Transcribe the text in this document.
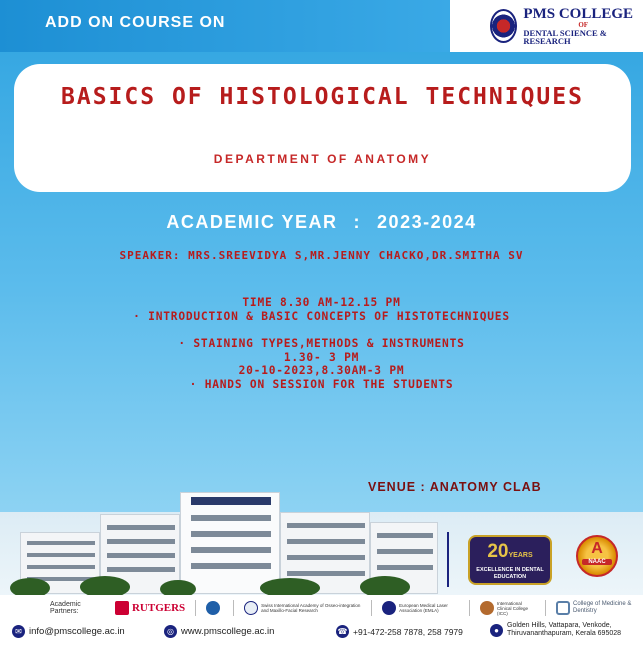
ADD ON COURSE ON
PMS COLLEGE
OF
DENTAL SCIENCE & RESEARCH
BASICS OF HISTOLOGICAL TECHNIQUES
DEPARTMENT OF ANATOMY
ACADEMIC YEAR : 2023-2024
SPEAKER: MRS.SREEVIDYA S,MR.JENNY CHACKO,DR.SMITHA SV
TIME 8.30 AM-12.15 PM
· INTRODUCTION & BASIC CONCEPTS OF HISTOTECHNIQUES
· STAINING TYPES,METHODS & INSTRUMENTS
1.30- 3 PM
20-10-2023,8.30AM-3 PM
· HANDS ON SESSION FOR THE STUDENTS
VENUE : ANATOMY CLAB
20YEARS
EXCELLENCE IN DENTAL EDUCATION
A
NAAC
Academic Partners:	RUTGERS	Swiss International Academy of Osseo-integration and Maxillo-Facial Research
European Medical Laser Association (EMLA)
International Clinical College (ICC)
College of Medicine & Dentistry
✉ info@pmscollege.ac.in	◎ www.pmscollege.ac.in	☎ +91-472-258 7878, 258 7979	●	Golden Hills, Vattapara, Venkode,
Thiruvananthapuram, Kerala 695028
